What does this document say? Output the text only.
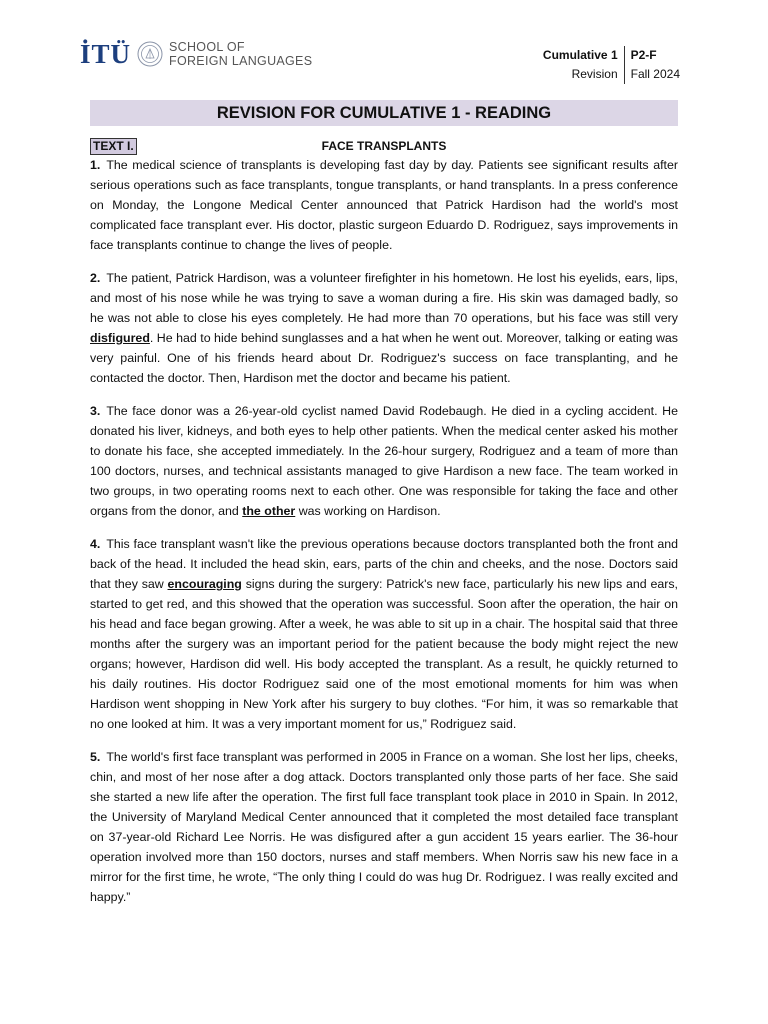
İTÜ	SCHOOL OF
FOREIGN LANGUAGES	Cumulative 1
Revision
P2-F
Fall 2024
REVISION FOR CUMULATIVE 1 - READING
FACE TRANSPLANTS
TEXT I.

1. The medical science of transplants is developing fast day by day. Patients see significant results after serious operations such as face transplants, tongue transplants, or hand transplants. In a press conference on Monday, the Longone Medical Center announced that Patrick Hardison had the world's most complicated face transplant ever. His doctor, plastic surgeon Eduardo D. Rodriguez, says improvements in face transplants continue to change the lives of people.

2. The patient, Patrick Hardison, was a volunteer firefighter in his hometown. He lost his eyelids, ears, lips, and most of his nose while he was trying to save a woman during a fire. His skin was damaged badly, so he was not able to close his eyes completely. He had more than 70 operations, but his face was still very disfigured. He had to hide behind sunglasses and a hat when he went out. Moreover, talking or eating was very painful. One of his friends heard about Dr. Rodriguez's success on face transplanting, and he contacted the doctor. Then, Hardison met the doctor and became his patient.

3. The face donor was a 26-year-old cyclist named David Rodebaugh. He died in a cycling accident. He donated his liver, kidneys, and both eyes to help other patients. When the medical center asked his mother to donate his face, she accepted immediately. In the 26-hour surgery, Rodriguez and a team of more than 100 doctors, nurses, and technical assistants managed to give Hardison a new face. The team worked in two groups, in two operating rooms next to each other. One was responsible for taking the face and other organs from the donor, and the other was working on Hardison.

4. This face transplant wasn't like the previous operations because doctors transplanted both the front and back of the head. It included the head skin, ears, parts of the chin and cheeks, and the nose. Doctors said that they saw encouraging signs during the surgery: Patrick's new face, particularly his new lips and ears, started to get red, and this showed that the operation was successful. Soon after the operation, the hair on his head and face began growing. After a week, he was able to sit up in a chair. The hospital said that three months after the surgery was an important period for the patient because the body might reject the new organs; however, Hardison did well. His body accepted the transplant. As a result, he quickly returned to his daily routines. His doctor Rodriguez said one of the most emotional moments for him was when Hardison went shopping in New York after his surgery to buy clothes. “For him, it was so remarkable that no one looked at him. It was a very important moment for us,” Rodriguez said.

5. The world's first face transplant was performed in 2005 in France on a woman. She lost her lips, cheeks, chin, and most of her nose after a dog attack. Doctors transplanted only those parts of her face. She said she started a new life after the operation. The first full face transplant took place in 2010 in Spain. In 2012, the University of Maryland Medical Center announced that it completed the most detailed face transplant on 37-year-old Richard Lee Norris. He was disfigured after a gun accident 15 years earlier. The 36-hour operation involved more than 150 doctors, nurses and staff members. When Norris saw his new face in a mirror for the first time, he wrote, “The only thing I could do was hug Dr. Rodriguez. I was really excited and happy.”
